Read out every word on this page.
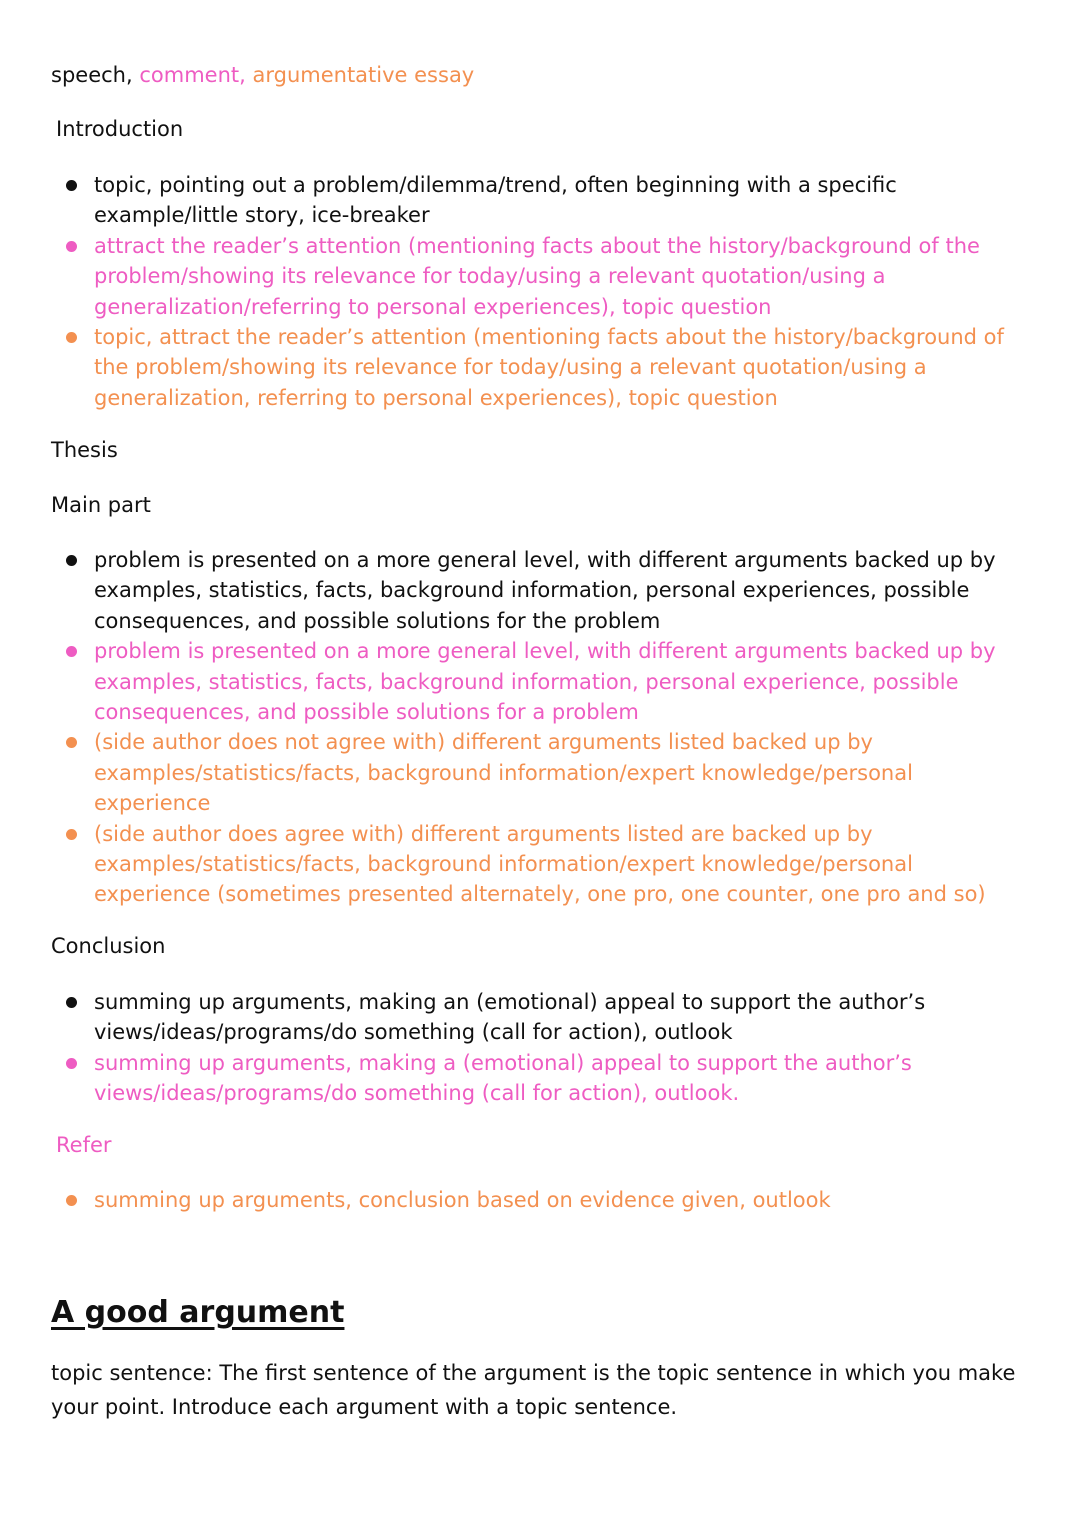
speech, comment, argumentative essay
Introduction
topic, pointing out a problem/dilemma/trend, often beginning with a specific example/little story, ice-breaker
attract the reader’s attention (mentioning facts about the history/background of the problem/showing its relevance for today/using a relevant quotation/using a generalization/referring to personal experiences), topic question
topic, attract the reader’s attention (mentioning facts about the history/background of the problem/showing its relevance for today/using a relevant quotation/using a generalization, referring to personal experiences), topic question
Thesis
Main part
problem is presented on a more general level, with different arguments backed up by examples, statistics, facts, background information, personal experiences, possible consequences, and possible solutions for the problem
problem is presented on a more general level, with different arguments backed up by examples, statistics, facts, background information, personal experience, possible consequences, and possible solutions for a problem
(side author does not agree with) different arguments listed backed up by examples/statistics/facts, background information/expert knowledge/personal experience
(side author does agree with) different arguments listed are backed up by examples/statistics/facts, background information/expert knowledge/personal experience (sometimes presented alternately, one pro, one counter, one pro and so)
Conclusion
summing up arguments, making an (emotional) appeal to support the author’s views/ideas/programs/do something (call for action), outlook
summing up arguments, making a (emotional) appeal to support the author’s views/ideas/programs/do something (call for action), outlook.
Refer
summing up arguments, conclusion based on evidence given, outlook
A good argument
topic sentence: The first sentence of the argument is the topic sentence in which you make your point. Introduce each argument with a topic sentence.
